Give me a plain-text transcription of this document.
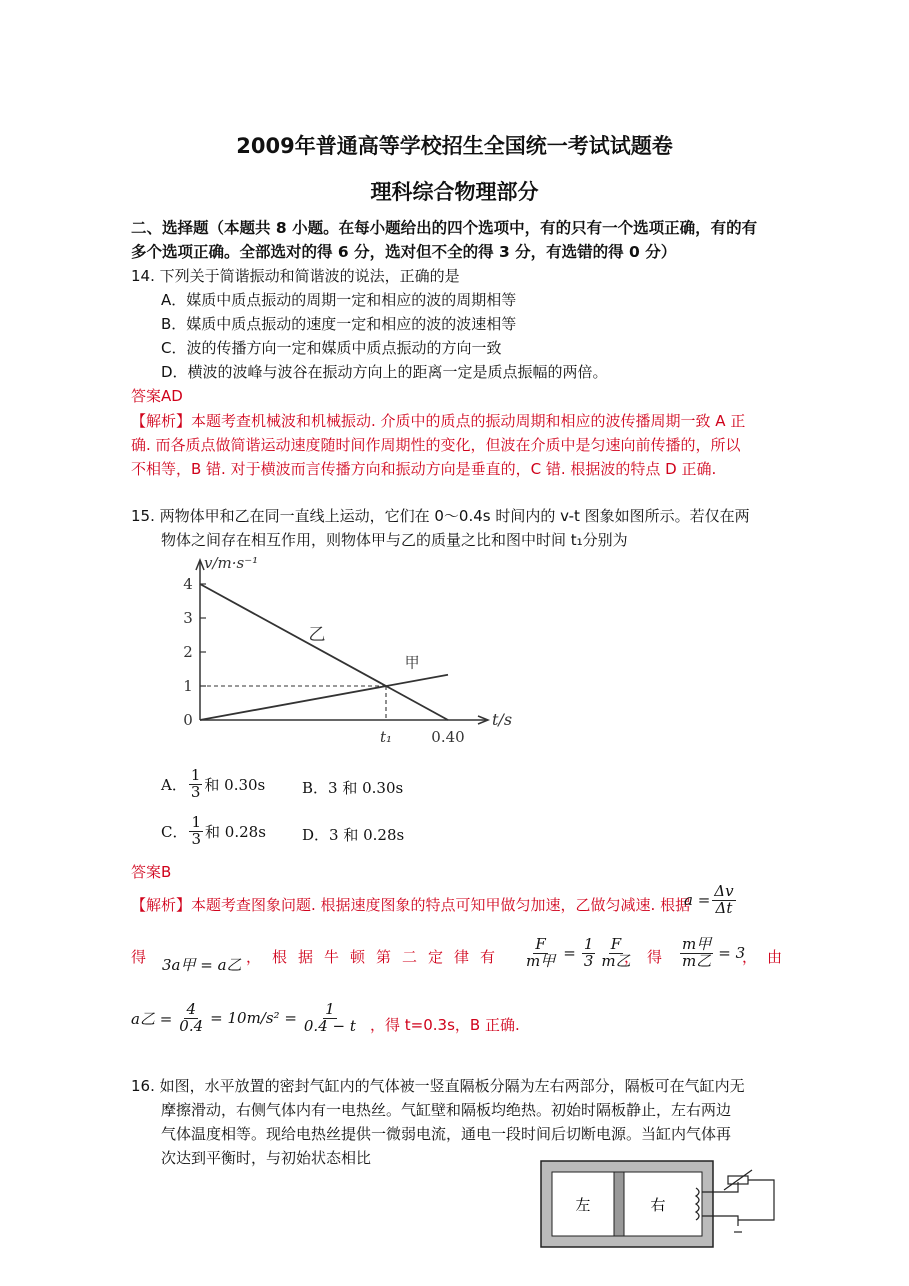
2009年普通高等学校招生全国统一考试试题卷
理科综合物理部分
二、选择题（本题共 8 小题。在每小题给出的四个选项中，有的只有一个选项正确，有的有
多个选项正确。全部选对的得 6 分，选对但不全的得 3 分，有选错的得 0 分）
14. 下列关于简谐振动和简谐波的说法，正确的是
A．媒质中质点振动的周期一定和相应的波的周期相等
B．媒质中质点振动的速度一定和相应的波的波速相等
C．波的传播方向一定和媒质中质点振动的方向一致
D．横波的波峰与波谷在振动方向上的距离一定是质点振幅的两倍。
答案AD
【解析】本题考查机械波和机械振动. 介质中的质点的振动周期和相应的波传播周期一致 A 正
确. 而各质点做简谐运动速度随时间作周期性的变化，但波在介质中是匀速向前传播的，所以
不相等，B 错. 对于横波而言传播方向和振动方向是垂直的，C 错. 根据波的特点 D 正确.
15. 两物体甲和乙在同一直线上运动，它们在 0～0.4s 时间内的 v-t 图象如图所示。若仅在两
物体之间存在相互作用，则物体甲与乙的质量之比和图中时间 t₁分别为
0
1
2
3
4
乙
甲
t₁	0.40
t/s
v/m·s⁻¹
A． $\frac{1}{3}$ 和 0.30s B．3 和 0.30s
C． $\frac{1}{3}$ 和 0.28s D．3 和 0.28s
答案B
【解析】本题考查图象问题. 根据速度图象的特点可知甲做匀加速，乙做匀减速. 根据
$a = \frac{\Delta v}{\Delta t}$
得 3a甲 = a乙 ，根据牛顿第二定律有 $\frac{F}{\text{m甲}} = \frac{1}{3} \frac{F}{\text{m乙}}$
，得 $\frac{\text{m甲}}{\text{m乙}} = 3$
，由
a乙 = $\frac{4}{0.4} = 10m/s^2 = \frac{1}{0.4 - t}$ ，得 t=0.3s，B 正确.
16. 如图，水平放置的密封气缸内的气体被一竖直隔板分隔为左右两部分，隔板可在气缸内无
摩擦滑动，右侧气体内有一电热丝。气缸壁和隔板均绝热。初始时隔板静止，左右两边
气体温度相等。现给电热丝提供一微弱电流，通电一段时间后切断电源。当缸内气体再
次达到平衡时，与初始状态相比
左	右
